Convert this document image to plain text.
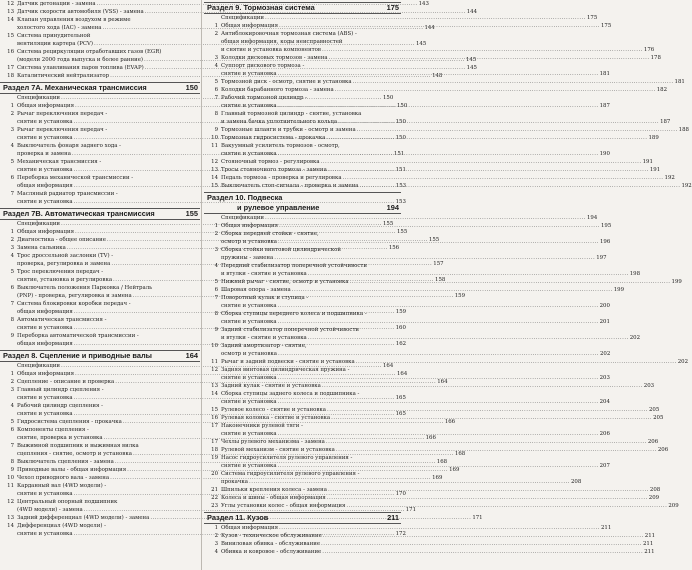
12 Датчик детонации - замена .....	143
13 Датчик скорости автомобиля (VSS) - замена .....	144
14 Клапан управления воздухом в режиме
холостого хода (IAC) - замена .....	144
15 Система принудительной
вентиляции картера (PCV) .....	145
16 Система рециркуляции отработавших газов (EGR)
(модели 2000 года выпуска и более ранние) .....	145
17 Система улавливания паров топлива (EVAP) .....	145
18 Каталитический нейтрализатор .....	148
Раздел 7A. Механическая трансмиссия	150
Спецификации .....	150
1 Общая информация .....	150
2 Рычаг переключения передач -
снятие и установка .....	150
3 Рычаг переключения передач -
снятие и установка .....	150
4 Выключатель фонаря заднего хода -
проверка и замена .....	151
5 Механическая трансмиссия -
снятие и установка .....	151
6 Переборка механической трансмиссии -
общая информация .....	153
7 Масляный радиатор трансмиссии -
снятие и установка .....	153
Раздел 7B. Автоматическая трансмиссия	155
Спецификации .....	155
1 Общая информация .....	155
2 Диагностика - общее описание .....	155
3 Замена сальника .....	156
4 Трос дроссельной заслонки (TV) -
проверка, регулировка и замена .....	157
5 Трос переключения передач -
снятие, установка и регулировка .....	158
6 Выключатель положения Парковка / Нейтраль
(PNP) - проверка, регулировка и замена .....	159
7 Система блокировки коробки передач -
общая информация .....	159
8 Автоматическая трансмиссия -
снятие и установка .....	160
9 Переборка автоматической трансмиссии -
общая информация .....	162
Раздел 8. Сцепление и приводные валы	164
Спецификации .....	164
1 Общая информация .....	164
2 Сцепление - описание и проверка .....	164
3 Главный цилиндр сцепления -
снятие и установка .....	165
4 Рабочий цилиндр сцепления -
снятие и установка .....	165
5 Гидросистема сцепления - прокачка .....	166
6 Компоненты сцепления -
снятие, проверка и установка .....	166
7 Выжимной подшипник и выжимная вилка
сцепления - снятие, осмотр и установка .....	168
8 Выключатель сцепления - замена .....	168
9 Приводные валы - общая информация .....	169
10 Чехол приводного вала - замена .....	169
11 Карданный вал (4WD модели) -
снятие и установка .....	170
12 Центральный опорный подшипник
(4WD модели) - замена .....	171
13 Задний дифференциал (4WD модели) - замена .....	171
14 Дифференциал (4WD модели) -
снятие и установка .....	172
Раздел 9. Тормозная система	175
Спецификации .....	175
1 Общая информация .....	175
2 Антиблокировочная тормозная система (ABS) -
общая информация, коды неисправностей
и снятие и установка компонентов .....	176
3 Колодки дисковых тормозов - замена .....	178
4 Суппорт дискового тормоза -
снятие и установка .....	181
5 Тормозной диск - осмотр, снятие и установка .....	181
6 Колодки барабанного тормоза - замена .....	182
7 Рабочий тормозной цилиндр -
снятие и установка .....	187
8 Главный тормозной цилиндр - снятие, установка
и замена бачка уплотнительного кольца .....	187
9 Тормозные шланги и трубки - осмотр и замена .....	188
10 Тормозная гидросистема - прокачка .....	189
11 Вакуумный усилитель тормозов - осмотр,
снятие и установка .....	190
12 Стояночный тормоз - регулировка .....	191
13 Тросы стояночного тормоза - замена .....	191
14 Педаль тормоза - проверка и регулировка .....	192
15 Выключатель стоп-сигнала - проверка и замена .....	192
Раздел 10. Подвеска
и рулевое управление	194
Спецификации .....	194
1 Общая информация .....	195
2 Сборка передней стойки - снятие,
осмотр и установка .....	196
3 Сборка стойки винтовой цилиндрической
пружины - замена .....	197
4 Передний стабилизатор поперечной устойчивости
и втулки - снятие и установка .....	198
5 Нижний рычаг - снятие, осмотр и установка .....	199
6 Шаровая опора - замена .....	199
7 Поворотный кулак и ступица -
снятие и установка .....	200
8 Сборка ступицы переднего колеса и подшипника -
снятие и установка .....	201
9 Задний стабилизатор поперечной устойчивости
и втулки - снятие и установка .....	202
10 Задний амортизатор - снятие,
осмотр и установка .....	202
11 Рычаг и задний подвески - снятие и установка .....	202
12 Задняя винтовая цилиндрическая пружина -
снятие и установка .....	203
13 Задний кулак - снятие и установка .....	203
14 Сборка ступицы заднего колеса и подшипника -
снятие и установка .....	204
15 Рулевое колесо - снятие и установка .....	205
16 Рулевая колонка - снятие и установка .....	205
17 Наконечники рулевой тяги -
снятие и установка .....	206
17 Чехлы рулевого механизма - замена .....	206
18 Рулевой механизм - снятие и установка .....	206
19 Насос гидроусилителя рулевого управления -
снятие и установка .....	207
20 Система гидроусилителя рулевого управления -
прокачка .....	208
21 Шпильки крепления колеса - замена .....	208
22 Колеса и шины - общая информация .....	209
23 Углы установки колес - общая информация .....	209
Раздел 11. Кузов	211
1 Общая информация .....	211
2 Кузов - техническое обслуживание .....	211
3 Виниловая обивка - обслуживание .....	211
4 Обивка и ковровое - обслуживание .....	211
